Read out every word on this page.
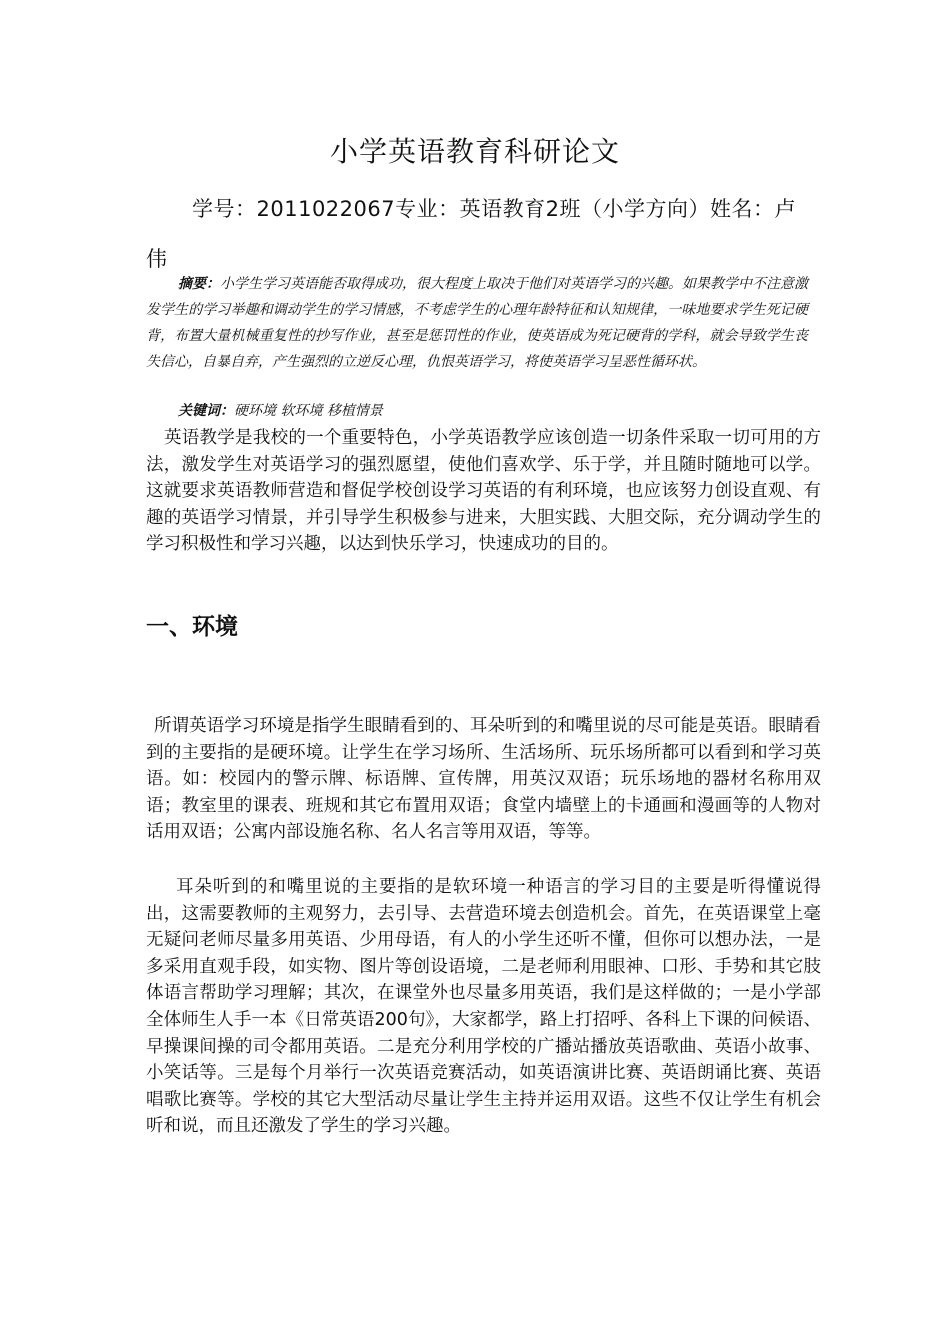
小学英语教育科研论文
学号：2011022067专业：英语教育2班（小学方向）姓名：卢伟
摘要：小学生学习英语能否取得成功，很大程度上取决于他们对英语学习的兴趣。如果教学中不注意激发学生的学习举趣和调动学生的学习情感，不考虑学生的心理年龄特征和认知规律，一味地要求学生死记硬背，布置大量机械重复性的抄写作业，甚至是惩罚性的作业，使英语成为死记硬背的学科，就会导致学生丧失信心，自暴自弃，产生强烈的立逆反心理，仇恨英语学习，将使英语学习呈恶性循环状。
关键词：硬环境 软环境 移植情景

英语教学是我校的一个重要特色，小学英语教学应该创造一切条件采取一切可用的方法，激发学生对英语学习的强烈愿望，使他们喜欢学、乐于学，并且随时随地可以学。这就要求英语教师营造和督促学校创设学习英语的有利环境，也应该努力创设直观、有趣的英语学习情景，并引导学生积极参与进来，大胆实践、大胆交际，充分调动学生的学习积极性和学习兴趣，以达到快乐学习，快速成功的目的。

一、环境

所谓英语学习环境是指学生眼睛看到的、耳朵听到的和嘴里说的尽可能是英语。眼睛看到的主要指的是硬环境。让学生在学习场所、生活场所、玩乐场所都可以看到和学习英语。如：校园内的警示牌、标语牌、宣传牌，用英汉双语；玩乐场地的器材名称用双语；教室里的课表、班规和其它布置用双语；食堂内墙壁上的卡通画和漫画等的人物对话用双语；公寓内部设施名称、名人名言等用双语，等等。

耳朵听到的和嘴里说的主要指的是软环境一种语言的学习目的主要是听得懂说得出，这需要教师的主观努力，去引导、去营造环境去创造机会。首先，在英语课堂上毫无疑问老师尽量多用英语、少用母语，有人的小学生还听不懂，但你可以想办法，一是多采用直观手段，如实物、图片等创设语境，二是老师利用眼神、口形、手势和其它肢体语言帮助学习理解；其次，在课堂外也尽量多用英语，我们是这样做的；一是小学部全体师生人手一本《日常英语200句》，大家都学，路上打招呼、各科上下课的问候语、早操课间操的司令都用英语。二是充分利用学校的广播站播放英语歌曲、英语小故事、小笑话等。三是每个月举行一次英语竞赛活动，如英语演讲比赛、英语朗诵比赛、英语唱歌比赛等。学校的其它大型活动尽量让学生主持并运用双语。这些不仅让学生有机会听和说，而且还激发了学生的学习兴趣。
